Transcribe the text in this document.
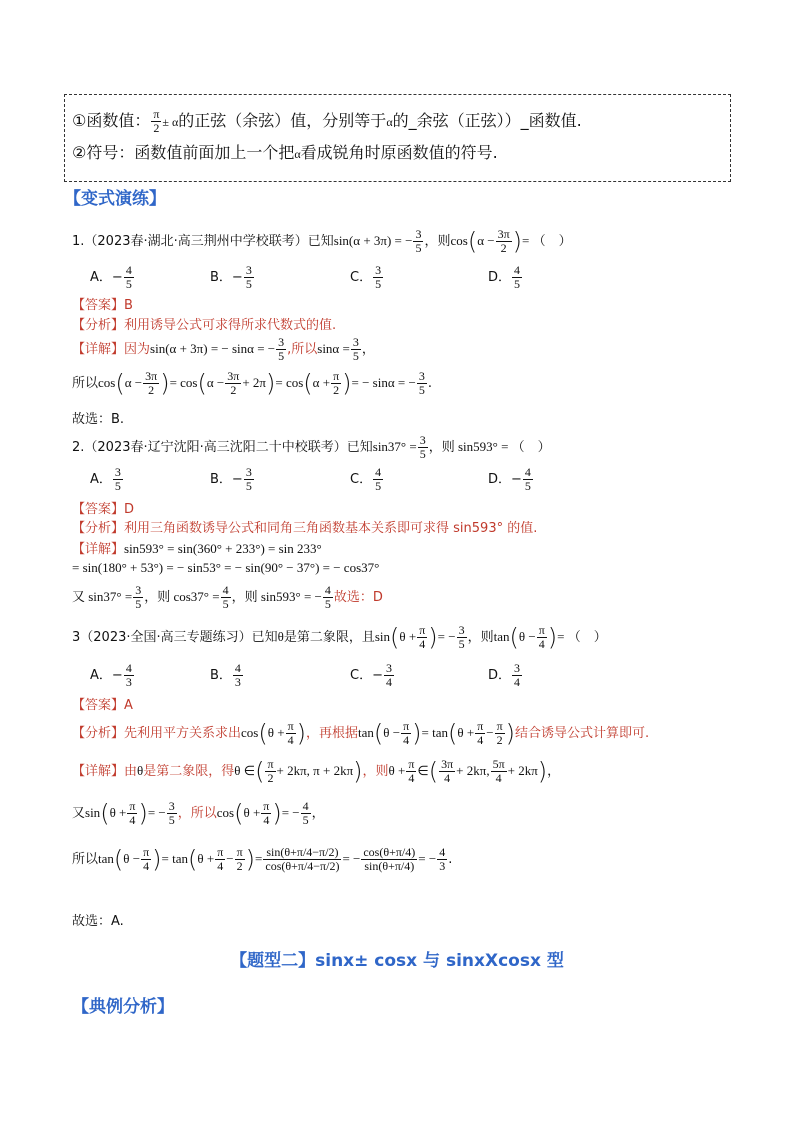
①函数值： $\frac{\pi}{2} \pm \alpha$的正弦（余弦）值，分别等于α的_余弦（正弦））_函数值.
②符号：函数值前面加上一个把α看成锐角时原函数值的符号.
【变式演练】
1.（2023春·湖北·高三荆州中学校联考）已知sin(α + 3π) = − $\frac{3}{5}$ ，则$\cos(\alpha - \frac{3\pi}{2}$ )= （　）
A．− $\frac{4}{5}$	B．− $\frac{3}{5}$	C． $\frac{3}{5}$	D． $\frac{4}{5}$
【答案】B
【分析】利用诱导公式可求得所求代数式的值.
【详解】因为sin(α + 3π) = − sinα = − $\frac{3}{5}$ ,所以$\sin\alpha = \frac{3}{5}$ ，
所以$\cos(\alpha - \frac{3\pi}{2}$ )= $\cos(\alpha - \frac{3\pi}{2} + 2\pi)= \cos(\alpha + \frac{\pi}{2}$ )= − sinα = − $\frac{3}{5}$ .
故选：B.
2.（2023春·辽宁沈阳·高三沈阳二十中校联考）已知$\sin 37^\circ = \frac{3}{5}$ ，则 sin593° = （　）
A． $\frac{3}{5}$	B．− $\frac{3}{5}$	C． $\frac{4}{5}$	D．− $\frac{4}{5}$
【答案】D
【分析】利用三角函数诱导公式和同角三角函数基本关系即可求得 sin593° 的值.
【详解】sin593° = sin(360° + 233°) = sin 233°
= sin(180° + 53°) = − sin53° = − sin(90° − 37°) = − cos37°
又 $\sin 37^\circ = \frac{3}{5}$ ，则 $\cos 37^\circ = \frac{4}{5}$ ，则 sin593° = − $\frac{4}{5}$ 故选：D
3（2023·全国·高三专题练习）已知θ是第二象限，且$\sin(\theta + \frac{\pi}{4}$ )= − $\frac{3}{5}$ ，则$\tan(\theta - \frac{\pi}{4}$ )= （　）
A．− $\frac{4}{3}$	B． $\frac{4}{3}$	C．− $\frac{3}{4}$	D． $\frac{3}{4}$
【答案】A
【分析】先利用平方关系求出$\cos(\theta + \frac{\pi}{4}$ )，再根据$\tan(\theta - \frac{\pi}{4}$ )= $\tan(\theta + \frac{\pi}{4} - \frac{\pi}{2}$ )结合诱导公式计算即可.
【详解】由θ是第二象限，得θ ∈( $\frac{\pi}{2} + 2k\pi$, π + 2kπ)，则$\theta + \frac{\pi}{4}$ ∈( $\frac{3\pi}{4} + 2k\pi$, $\frac{5\pi}{4} + 2k\pi$)，
又$\sin(\theta + \frac{\pi}{4}$ )= − $\frac{3}{5}$ ，所以$\cos(\theta + \frac{\pi}{4}$ )= − $\frac{4}{5}$ ，
所以$\tan(\theta - \frac{\pi}{4}$ )= $\tan(\theta + \frac{\pi}{4} - \frac{\pi}{2}$ )= $\frac{\sin(\theta+\pi/4-\pi/2)}{\cos(\theta+\pi/4-\pi/2)}$ = − $\frac{\cos(\theta+\pi/4)}{\sin(\theta+\pi/4)}$ = − $\frac{4}{3}$ .
故选：A.
【题型二】sinx± cosx 与 sinxXcosx 型
【典例分析】
